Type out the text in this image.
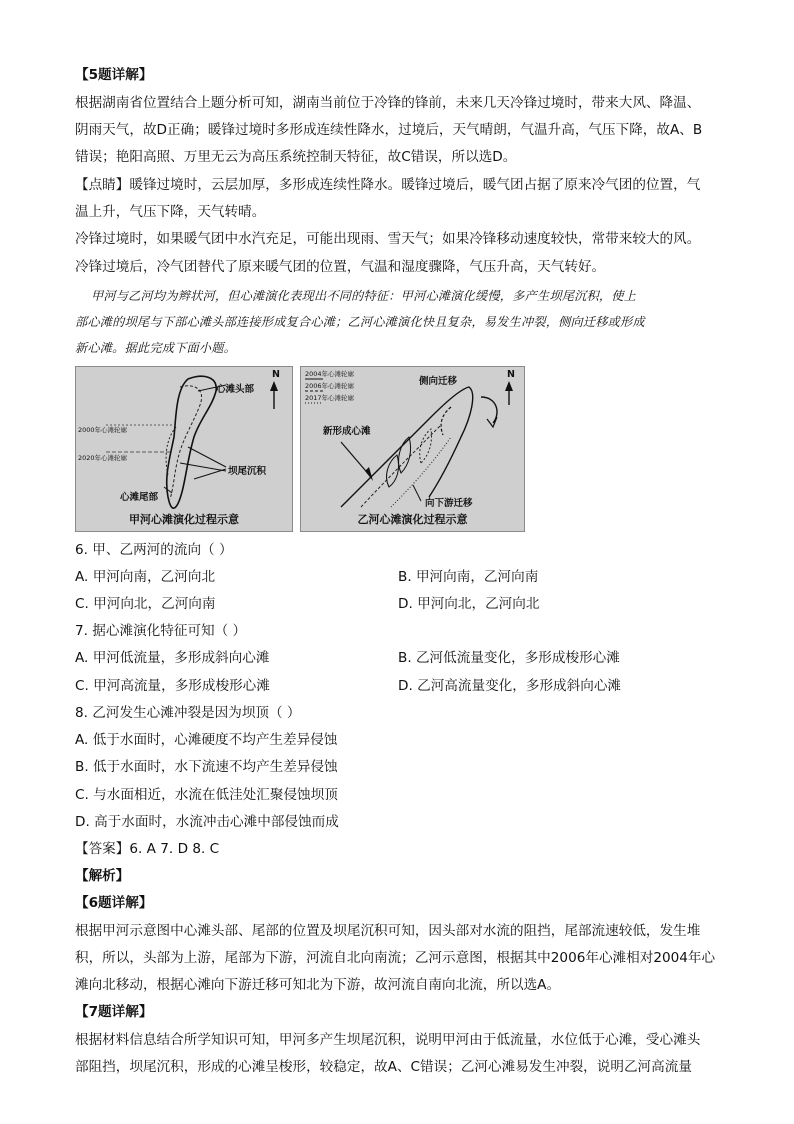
【5题详解】
根据湖南省位置结合上题分析可知，湖南当前位于冷锋的锋前，未来几天冷锋过境时，带来大风、降温、
阴雨天气，故D正确；暖锋过境时多形成连续性降水，过境后，天气晴朗，气温升高，气压下降，故A、B
错误；艳阳高照、万里无云为高压系统控制天特征，故C错误，所以选D。
【点睛】暖锋过境时，云层加厚，多形成连续性降水。暖锋过境后，暖气团占据了原来冷气团的位置，气
温上升，气压下降，天气转晴。
冷锋过境时，如果暖气团中水汽充足，可能出现雨、雪天气；如果冷锋移动速度较快，常带来较大的风。
冷锋过境后，冷气团替代了原来暖气团的位置，气温和湿度骤降，气压升高，天气转好。
甲河与乙河均为辫状河，但心滩演化表现出不同的特征：甲河心滩演化缓慢，多产生坝尾沉积，使上
部心滩的坝尾与下部心滩头部连接形成复合心滩；乙河心滩演化快且复杂，易发生冲裂，侧向迁移或形成
新心滩。据此完成下面小题。
心滩头部
N
2000年心滩轮廓
2020年心滩轮廓
坝尾沉积
心滩尾部
甲河心滩演化过程示意
2004年心滩轮廓
2006年心滩轮廓
2017年心滩轮廓
侧向迁移
新形成心滩
向下游迁移
N
乙河心滩演化过程示意
6. 甲、乙两河的流向（ ）
A. 甲河向南，乙河向北	B. 甲河向南，乙河向南
C. 甲河向北，乙河向南	D. 甲河向北，乙河向北
7. 据心滩演化特征可知（ ）
A. 甲河低流量，多形成斜向心滩	B. 乙河低流量变化，多形成梭形心滩
C. 甲河高流量，多形成梭形心滩	D. 乙河高流量变化，多形成斜向心滩
8. 乙河发生心滩冲裂是因为坝顶（ ）
A. 低于水面时，心滩硬度不均产生差异侵蚀
B. 低于水面时，水下流速不均产生差异侵蚀
C. 与水面相近，水流在低洼处汇聚侵蚀坝顶
D. 高于水面时，水流冲击心滩中部侵蚀而成
【答案】6. A 7. D 8. C
【解析】
【6题详解】
根据甲河示意图中心滩头部、尾部的位置及坝尾沉积可知，因头部对水流的阻挡，尾部流速较低，发生堆
积，所以，头部为上游，尾部为下游，河流自北向南流；乙河示意图，根据其中2006年心滩相对2004年心
滩向北移动，根据心滩向下游迁移可知北为下游，故河流自南向北流，所以选A。
【7题详解】
根据材料信息结合所学知识可知，甲河多产生坝尾沉积，说明甲河由于低流量，水位低于心滩，受心滩头
部阻挡，坝尾沉积，形成的心滩呈梭形，较稳定，故A、C错误；乙河心滩易发生冲裂，说明乙河高流量
